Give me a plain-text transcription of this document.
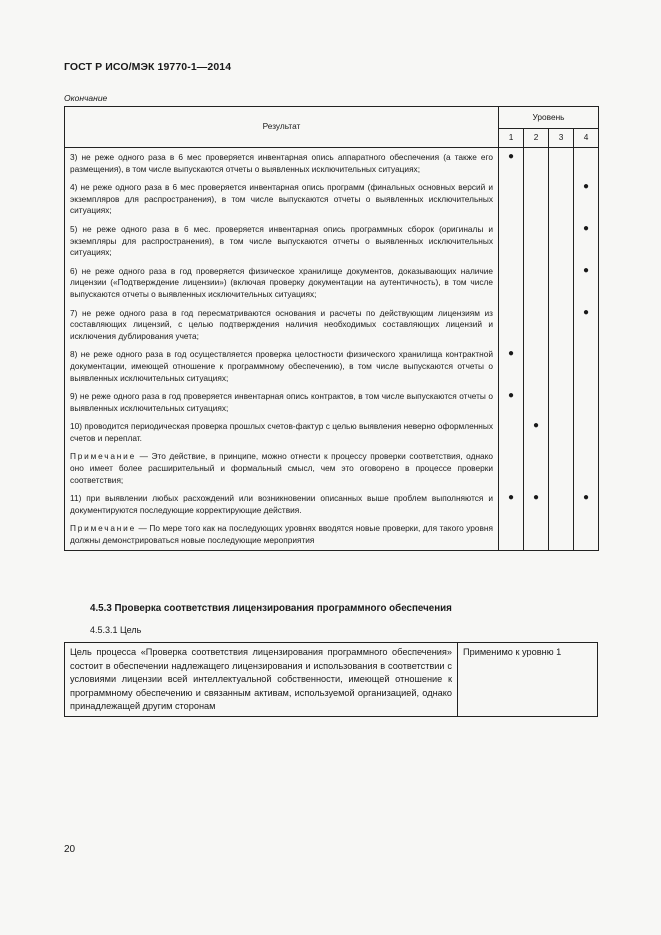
ГОСТ Р ИСО/МЭК 19770-1—2014
Окончание
Результат	Уровень			
	1	2	3	4
3) не реже одного раза в 6 мес проверяется инвентарная опись аппаратного обеспечения (а также его размещения), в том числе выпускаются отчеты о выявленных исключительных ситуациях;	●			
4) не реже одного раза в 6 мес проверяется инвентарная опись программ (финальных основных версий и экземпляров для распространения), в том числе выпускаются отчеты о выявленных исключительных ситуациях;				●
5) не реже одного раза в 6 мес. проверяется инвентарная опись программных сборок (оригиналы и экземпляры для распространения), в том числе выпускаются отчеты о выявленных исключительных ситуациях;				●
6) не реже одного раза в год проверяется физическое хранилище документов, доказывающих наличие лицензии («Подтверждение лицензии») (включая проверку документации на аутентичность), в том числе выпускаются отчеты о выявленных исключительных ситуациях;				●
7) не реже одного раза в год пересматриваются основания и расчеты по действующим лицензиям из составляющих лицензий, с целью подтверждения наличия необходимых составляющих лицензий и исключения дублирования учета;				●
8) не реже одного раза в год осуществляется проверка целостности физического хранилища контрактной документации, имеющей отношение к программному обеспечению), в том числе выпускаются отчеты о выявленных исключительных ситуациях;	●			
9) не реже одного раза в год проверяется инвентарная опись контрактов, в том числе выпускаются отчеты о выявленных исключительных ситуациях;	●			
10) проводится периодическая проверка прошлых счетов-фактур с целью выявления неверно оформленных счетов и переплат.		●		
Примечание — Это действие, в принципе, можно отнести к процессу проверки соответствия, однако оно имеет более расширительный и формальный смысл, чем это оговорено в процессе проверки соответствия;				
11) при выявлении любых расхождений или возникновении описанных выше проблем выполняются и документируются последующие корректирующие действия.	●	●		●
Примечание — По мере того как на последующих уровнях вводятся новые проверки, для такого уровня должны демонстрироваться новые последующие мероприятия				
4.5.3 Проверка соответствия лицензирования программного обеспечения
4.5.3.1 Цель
Цель процесса «Проверка соответствия лицензирования программного обеспечения» состоит в обеспечении надлежащего лицензирования и использования в соответствии с условиями лицензии всей интеллектуальной собственности, имеющей отношение к программному обеспечению и связанным активам, используемой организацией, однако принадлежащей другим сторонам	Применимо к уровню 1
20
